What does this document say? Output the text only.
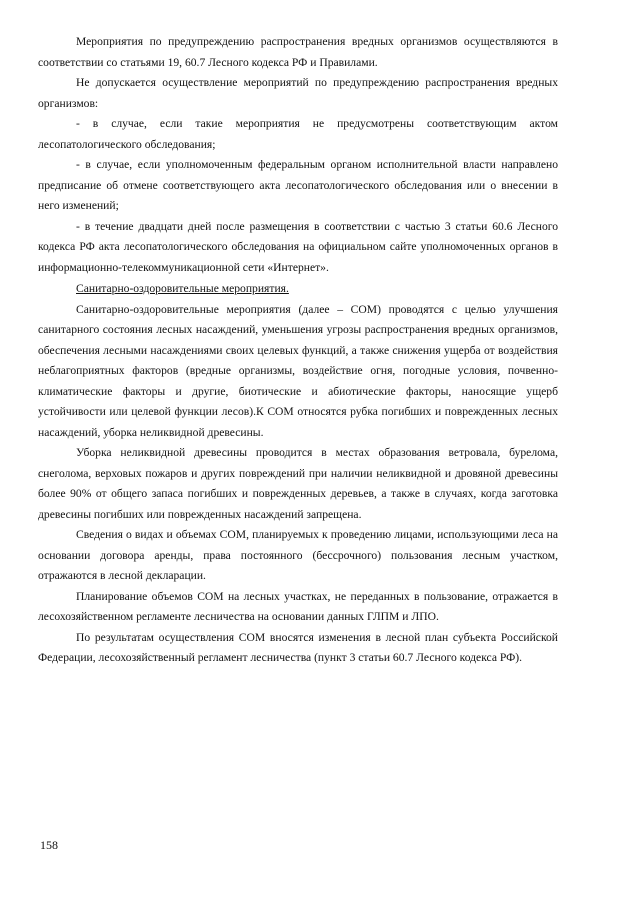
Мероприятия по предупреждению распространения вредных организмов осуществляются в соответствии со статьями 19, 60.7 Лесного кодекса РФ и Правилами.

Не допускается осуществление мероприятий по предупреждению распространения вредных организмов:

- в случае, если такие мероприятия не предусмотрены соответствующим актом лесопатологического обследования;

- в случае, если уполномоченным федеральным органом исполнительной власти направлено предписание об отмене соответствующего акта лесопатологического обследования или о внесении в него изменений;

- в течение двадцати дней после размещения в соответствии с частью 3 статьи 60.6 Лесного кодекса РФ акта лесопатологического обследования на официальном сайте уполномоченных органов в информационно-телекоммуникационной сети «Интернет».

Санитарно-оздоровительные мероприятия.

Санитарно-оздоровительные мероприятия (далее – СОМ) проводятся с целью улучшения санитарного состояния лесных насаждений, уменьшения угрозы распространения вредных организмов, обеспечения лесными насаждениями своих целевых функций, а также снижения ущерба от воздействия неблагоприятных факторов (вредные организмы, воздействие огня, погодные условия, почвенно-климатические факторы и другие, биотические и абиотические факторы, наносящие ущерб устойчивости или целевой функции лесов).К СОМ относятся рубка погибших и поврежденных лесных насаждений, уборка неликвидной древесины.

Уборка неликвидной древесины проводится в местах образования ветровала, бурелома, снеголома, верховых пожаров и других повреждений при наличии неликвидной и дровяной древесины более 90% от общего запаса погибших и поврежденных деревьев, а также в случаях, когда заготовка древесины погибших или поврежденных насаждений запрещена.

Сведения о видах и объемах СОМ, планируемых к проведению лицами, использующими леса на основании договора аренды, права постоянного (бессрочного) пользования лесным участком, отражаются в лесной декларации.

Планирование объемов СОМ на лесных участках, не переданных в пользование, отражается в лесохозяйственном регламенте лесничества на основании данных ГЛПМ и ЛПО.

По результатам осуществления СОМ вносятся изменения в лесной план субъекта Российской Федерации, лесохозяйственный регламент лесничества (пункт 3 статьи 60.7 Лесного кодекса РФ).

158
